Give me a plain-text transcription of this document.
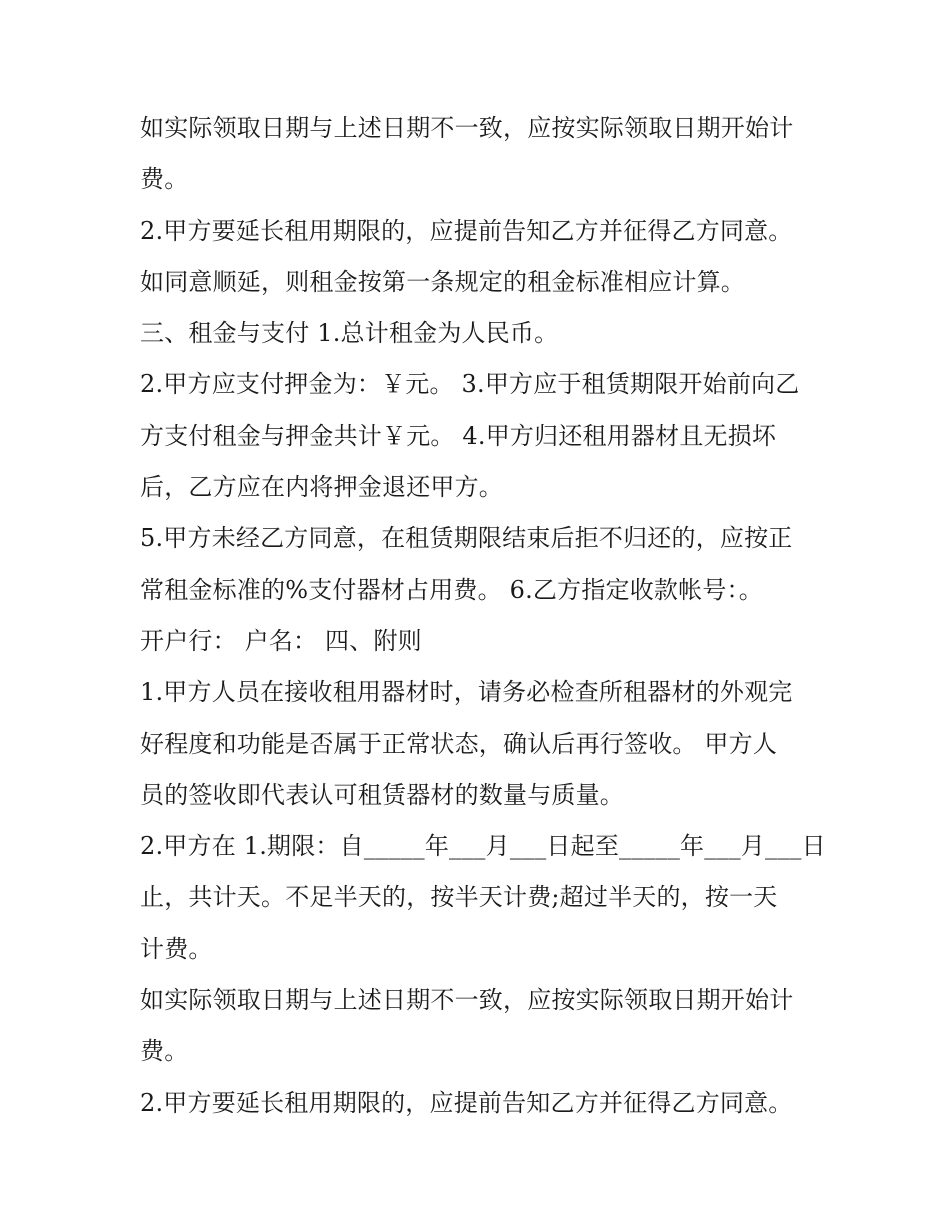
如实际领取日期与上述日期不一致，应按实际领取日期开始计
费。
2.甲方要延长租用期限的，应提前告知乙方并征得乙方同意。
如同意顺延，则租金按第一条规定的租金标准相应计算。
三、租金与支付 1.总计租金为人民币。
2.甲方应支付押金为：￥元。 3.甲方应于租赁期限开始前向乙
方支付租金与押金共计￥元。 4.甲方归还租用器材且无损坏
后，乙方应在内将押金退还甲方。
5.甲方未经乙方同意，在租赁期限结束后拒不归还的，应按正
常租金标准的%支付器材占用费。 6.乙方指定收款帐号：。
开户行： 户名： 四、附则
1.甲方人员在接收租用器材时，请务必检查所租器材的外观完
好程度和功能是否属于正常状态，确认后再行签收。 甲方人
员的签收即代表认可租赁器材的数量与质量。
2.甲方在 1.期限：自_____年___月___日起至_____年___月___日
止，共计天。不足半天的，按半天计费;超过半天的，按一天
计费。
如实际领取日期与上述日期不一致，应按实际领取日期开始计
费。
2.甲方要延长租用期限的，应提前告知乙方并征得乙方同意。
